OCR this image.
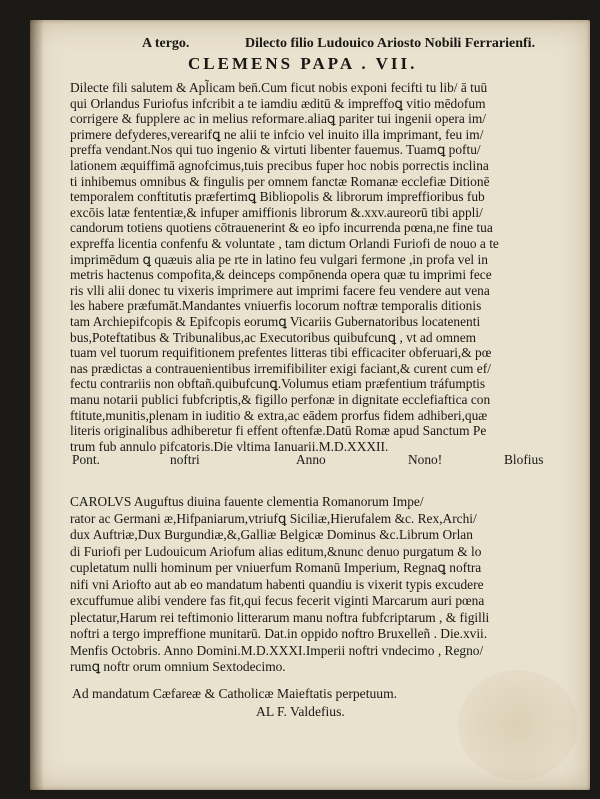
A tergo.	Dilecto filio Ludouico Ariosto Nobili Ferrarienfi.
CLEMENS PAPA . VII.
Dilecte fili salutem & Apl̃icam ben̄.Cum ficut nobis exponi fecifti tu lib/ ā tuū
qui Orlandus Furiofus infcribit a te iamdiu æditū & impreffoꝗ vitio mēdofum
corrigere & fupplere ac in melius reformare.aliaꝗ pariter tui ingenii opera im/
primere defyderes,verearifꝗ ne alii te infcio vel inuito illa imprimant, feu im/
preffa vendant.Nos qui tuo ingenio & virtuti libenter fauemus. Tuamꝗ poftu/
lationem æquiffimā agnofcimus,tuis precibus fuper hoc nobis porrectis inclina
ti inhibemus omnibus & fingulis per omnem fanctæ Romanæ ecclefiæ Ditionē
temporalem conftitutis præfertimꝗ Bibliopolis & librorum impreffioribus fub
excōis latæ fententiæ,& infuper amiffionis librorum &.xxv.aureorū tibi appli/
candorum totiens quotiens cōtrauenerint & eo ipfo incurrenda pœna,ne fine tua
expreffa licentia confenfu & voluntate , tam dictum Orlandi Furiofi de nouo a te
imprimēdum ꝗ quæuis alia pe rte in latino feu vulgari fermone ,in profa vel in
metris hactenus compofita,& deinceps compōnenda opera quæ tu imprimi fece
ris vlli alii donec tu vixeris imprimere aut imprimi facere feu vendere aut vena
les habere præfumāt.Mandantes vniuerfis locorum noftræ temporalis ditionis
tam Archiepifcopis & Epifcopis eorumꝗ Vicariis Gubernatoribus locatenenti
bus,Poteftatibus & Tribunalibus,ac Executoribus quibufcunꝗ , vt ad omnem
tuam vel tuorum requifitionem prefentes litteras tibi efficaciter obferuari,& pœ
nas prædictas a contrauenientibus irremifibiliter exigi faciant,& curent cum ef/
fectu contrariis non obftañ.quibufcunꝗ.Volumus etiam præfentium tráfumptis
manu notarii publici fubfcriptis,& figillo perfonæ in dignitate ecclefiaftica con
ftitute,munitis,plenam in iuditio & extra,ac eādem prorfus fidem adhiberi,quæ
literis originalibus adhiberetur fi effent oftenfæ.Datū Romæ apud Sanctum Pe
trum fub annulo pifcatoris.Die vltima Ianuarii.M.D.XXXII.
Pont.	noftri	Anno	Nono!	Blofius
CAROLVS Auguftus diuina fauente clementia Romanorum Impe/
rator ac Germani æ,Hifpaniarum,vtriufꝗ Siciliæ,Hierufalem &c. Rex,Archi/
dux Auftriæ,Dux Burgundiæ,&,Galliæ Belgicæ Dominus &c.Librum Orlan
di Furiofi per Ludouicum Ariofum alias editum,&nunc denuo purgatum & lo
cupletatum nulli hominum per vniuerfum Romanū Imperium, Regnaꝗ noftra
nifi vni Ariofto aut ab eo mandatum habenti quandiu is vixerit typis excudere
excuffumue alibi vendere fas fit,qui fecus fecerit viginti Marcarum auri pœna
plectatur,Harum rei teftimonio litterarum manu noftra fubfcriptarum , & figilli
noftri a tergo impreffione munitarū. Dat.in oppido noftro Bruxelleñ . Die.xvii.
Menfis Octobris. Anno Domini.M.D.XXXI.Imperii noftri vndecimo , Regno/
rumꝗ noftr orum omnium Sextodecimo.
Ad mandatum Cæfareæ & Catholicæ Maieftatis perpetuum.
AL F. Valdefius.
